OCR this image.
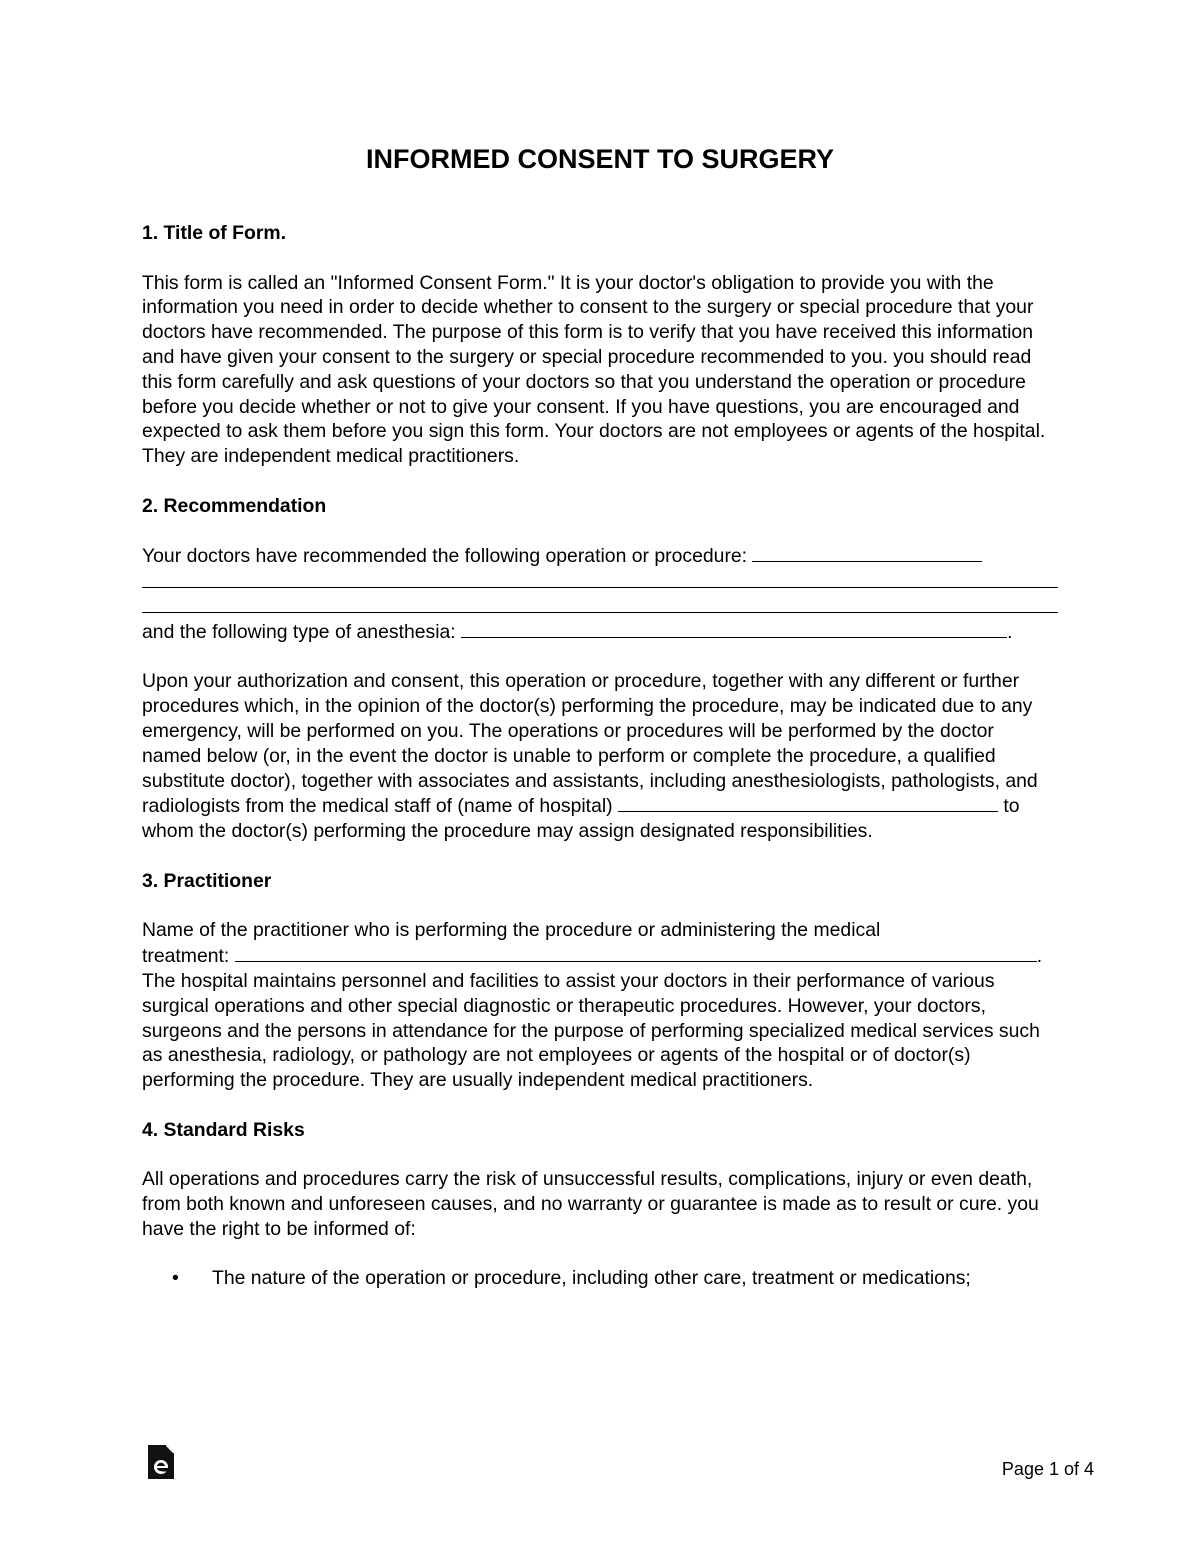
INFORMED CONSENT TO SURGERY
1. Title of Form.
This form is called an "Informed Consent Form." It is your doctor's obligation to provide you with the information you need in order to decide whether to consent to the surgery or special procedure that your doctors have recommended. The purpose of this form is to verify that you have received this information and have given your consent to the surgery or special procedure recommended to you. you should read this form carefully and ask questions of your doctors so that you understand the operation or procedure before you decide whether or not to give your consent. If you have questions, you are encouraged and expected to ask them before you sign this form. Your doctors are not employees or agents of the hospital. They are independent medical practitioners.
2. Recommendation
Your doctors have recommended the following operation or procedure:
and the following type of anesthesia:	.
Upon your authorization and consent, this operation or procedure, together with any different or further procedures which, in the opinion of the doctor(s) performing the procedure, may be indicated due to any emergency, will be performed on you. The operations or procedures will be performed by the doctor named below (or, in the event the doctor is unable to perform or complete the procedure, a qualified substitute doctor), together with associates and assistants, including anesthesiologists, pathologists, and radiologists from the medical staff of (name of hospital)	to whom the doctor(s) performing the procedure may assign designated responsibilities.
3. Practitioner
Name of the practitioner who is performing the procedure or administering the medical
treatment:	.
The hospital maintains personnel and facilities to assist your doctors in their performance of various surgical operations and other special diagnostic or therapeutic procedures. However, your doctors, surgeons and the persons in attendance for the purpose of performing specialized medical services such as anesthesia, radiology, or pathology are not employees or agents of the hospital or of doctor(s) performing the procedure. They are usually independent medical practitioners.
4. Standard Risks
All operations and procedures carry the risk of unsuccessful results, complications, injury or even death, from both known and unforeseen causes, and no warranty or guarantee is made as to result or cure. you have the right to be informed of:
• The nature of the operation or procedure, including other care, treatment or medications;
Page 1 of 4
